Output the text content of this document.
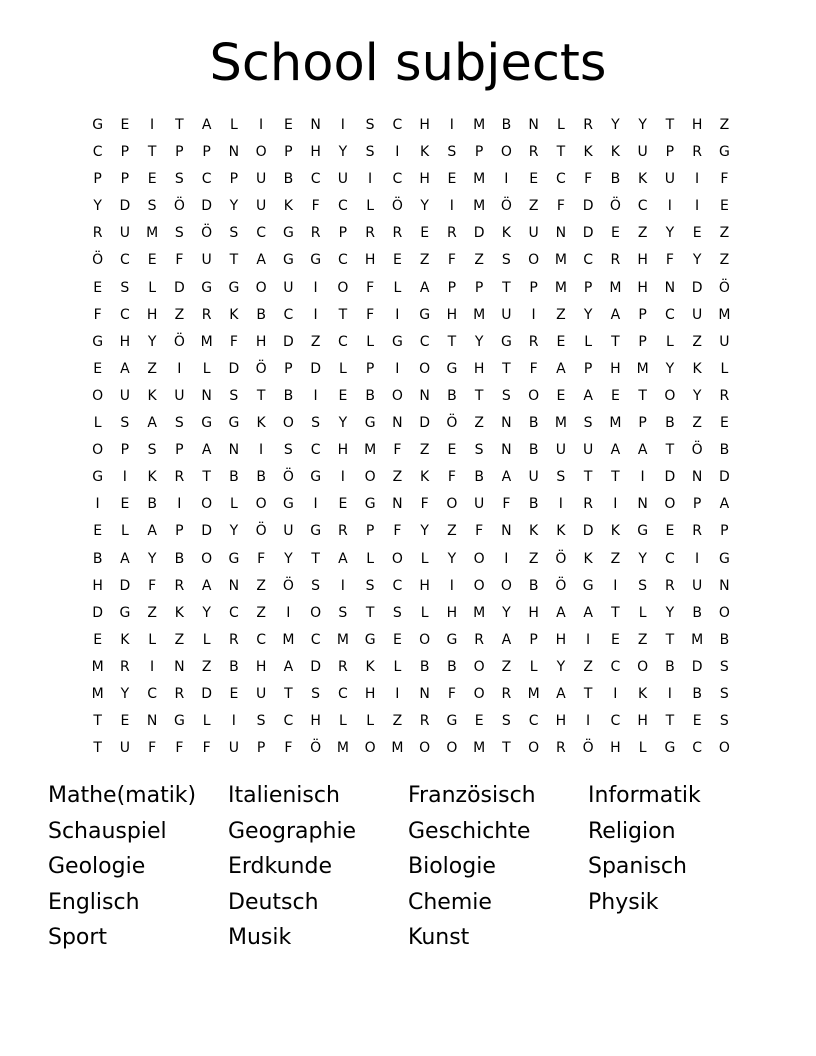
School subjects
G	E	I	T	A	L	I	E	N	I	S	C	H	I	M	B	N	L	R	Y	Y	T	H	Z
C	P	T	P	P	N	O	P	H	Y	S	I	K	S	P	O	R	T	K	K	U	P	R	G
P	P	E	S	C	P	U	B	C	U	I	C	H	E	M	I	E	C	F	B	K	U	I	F
Y	D	S	Ö	D	Y	U	K	F	C	L	Ö	Y	I	M	Ö	Z	F	D	Ö	C	I	I	E
R	U	M	S	Ö	S	C	G	R	P	R	R	E	R	D	K	U	N	D	E	Z	Y	E	Z
Ö	C	E	F	U	T	A	G	G	C	H	E	Z	F	Z	S	O	M	C	R	H	F	Y	Z
E	S	L	D	G	G	O	U	I	O	F	L	A	P	P	T	P	M	P	M	H	N	D	Ö
F	C	H	Z	R	K	B	C	I	T	F	I	G	H	M	U	I	Z	Y	A	P	C	U	M
G	H	Y	Ö	M	F	H	D	Z	C	L	G	C	T	Y	G	R	E	L	T	P	L	Z	U
E	A	Z	I	L	D	Ö	P	D	L	P	I	O	G	H	T	F	A	P	H	M	Y	K	L
O	U	K	U	N	S	T	B	I	E	B	O	N	B	T	S	O	E	A	E	T	O	Y	R
L	S	A	S	G	G	K	O	S	Y	G	N	D	Ö	Z	N	B	M	S	M	P	B	Z	E
O	P	S	P	A	N	I	S	C	H	M	F	Z	E	S	N	B	U	U	A	A	T	Ö	B
G	I	K	R	T	B	B	Ö	G	I	O	Z	K	F	B	A	U	S	T	T	I	D	N	D
I	E	B	I	O	L	O	G	I	E	G	N	F	O	U	F	B	I	R	I	N	O	P	A
E	L	A	P	D	Y	Ö	U	G	R	P	F	Y	Z	F	N	K	K	D	K	G	E	R	P
B	A	Y	B	O	G	F	Y	T	A	L	O	L	Y	O	I	Z	Ö	K	Z	Y	C	I	G
H	D	F	R	A	N	Z	Ö	S	I	S	C	H	I	O	O	B	Ö	G	I	S	R	U	N
D	G	Z	K	Y	C	Z	I	O	S	T	S	L	H	M	Y	H	A	A	T	L	Y	B	O
E	K	L	Z	L	R	C	M	C	M	G	E	O	G	R	A	P	H	I	E	Z	T	M	B
M	R	I	N	Z	B	H	A	D	R	K	L	B	B	O	Z	L	Y	Z	C	O	B	D	S
M	Y	C	R	D	E	U	T	S	C	H	I	N	F	O	R	M	A	T	I	K	I	B	S
T	E	N	G	L	I	S	C	H	L	L	Z	R	G	E	S	C	H	I	C	H	T	E	S
T	U	F	F	F	U	P	F	Ö	M	O	M	O	O	M	T	O	R	Ö	H	L	G	C	O
Mathe(matik)	Italienisch	Französisch	Informatik
Schauspiel	Geographie	Geschichte	Religion
Geologie	Erdkunde	Biologie	Spanisch
Englisch	Deutsch	Chemie	Physik
Sport	Musik	Kunst
